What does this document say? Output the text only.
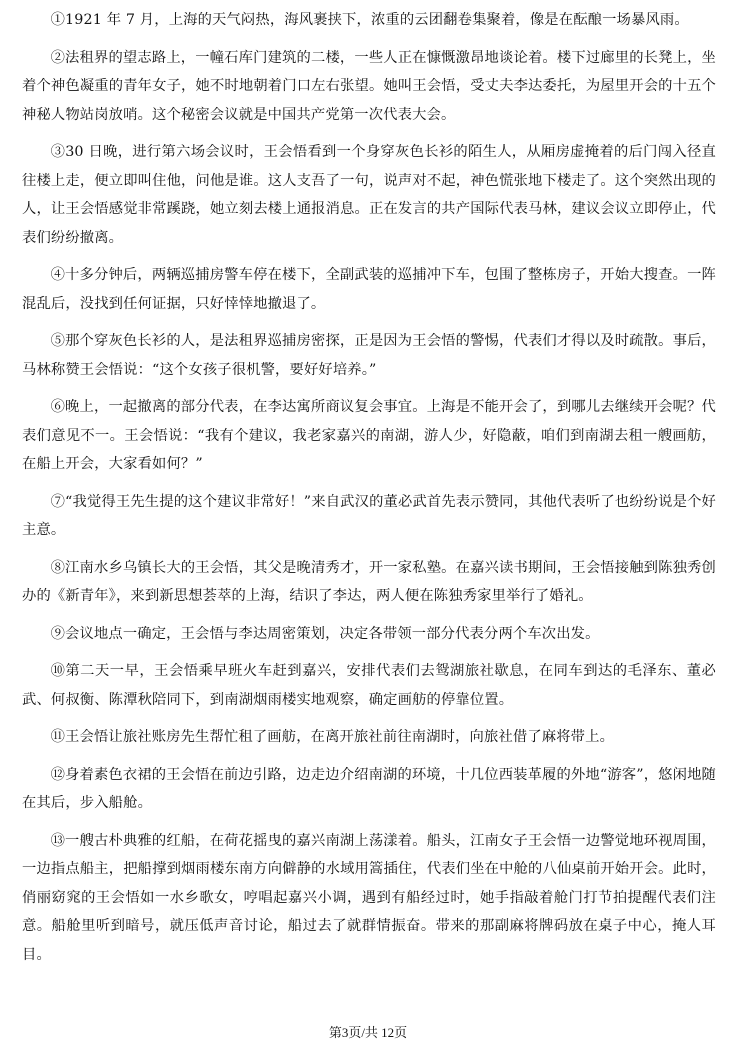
①1921 年 7 月，上海的天气闷热，海风裹挟下，浓重的云团翻卷集聚着，像是在酝酿一场暴风雨。

②法租界的望志路上，一幢石库门建筑的二楼，一些人正在慷慨激昂地谈论着。楼下过廊里的长凳上，坐着个神色凝重的青年女子，她不时地朝着门口左右张望。她叫王会悟，受丈夫李达委托，为屋里开会的十五个神秘人物站岗放哨。这个秘密会议就是中国共产党第一次代表大会。

③30 日晚，进行第六场会议时，王会悟看到一个身穿灰色长衫的陌生人，从厢房虚掩着的后门闯入径直往楼上走，便立即叫住他，问他是谁。这人支吾了一句，说声对不起，神色慌张地下楼走了。这个突然出现的人，让王会悟感觉非常蹊跷，她立刻去楼上通报消息。正在发言的共产国际代表马林，建议会议立即停止，代表们纷纷撤离。

④十多分钟后，两辆巡捕房警车停在楼下，全副武装的巡捕冲下车，包围了整栋房子，开始大搜查。一阵混乱后，没找到任何证据，只好悻悻地撤退了。

⑤那个穿灰色长衫的人，是法租界巡捕房密探，正是因为王会悟的警惕，代表们才得以及时疏散。事后，马林称赞王会悟说：“这个女孩子很机警，要好好培养。”

⑥晚上，一起撤离的部分代表，在李达寓所商议复会事宜。上海是不能开会了，到哪儿去继续开会呢？代表们意见不一。王会悟说：“我有个建议，我老家嘉兴的南湖，游人少，好隐蔽，咱们到南湖去租一艘画舫，在船上开会，大家看如何？”

⑦“我觉得王先生提的这个建议非常好！”来自武汉的董必武首先表示赞同，其他代表听了也纷纷说是个好主意。

⑧江南水乡乌镇长大的王会悟，其父是晚清秀才，开一家私塾。在嘉兴读书期间，王会悟接触到陈独秀创办的《新青年》，来到新思想荟萃的上海，结识了李达，两人便在陈独秀家里举行了婚礼。

⑨会议地点一确定，王会悟与李达周密策划，决定各带领一部分代表分两个车次出发。

⑩第二天一早，王会悟乘早班火车赶到嘉兴，安排代表们去鸳湖旅社歇息，在同车到达的毛泽东、董必武、何叔衡、陈潭秋陪同下，到南湖烟雨楼实地观察，确定画舫的停靠位置。

⑪王会悟让旅社账房先生帮忙租了画舫，在离开旅社前往南湖时，向旅社借了麻将带上。

⑫身着素色衣裙的王会悟在前边引路，边走边介绍南湖的环境，十几位西装革履的外地“游客”，悠闲地随在其后，步入船舱。

⑬一艘古朴典雅的红船，在荷花摇曳的嘉兴南湖上荡漾着。船头，江南女子王会悟一边警觉地环视周围，一边指点船主，把船撑到烟雨楼东南方向僻静的水域用篙插住，代表们坐在中舱的八仙桌前开始开会。此时，俏丽窈窕的王会悟如一水乡歌女，哼唱起嘉兴小调，遇到有船经过时，她手指敲着舱门打节拍提醒代表们注意。船舱里听到暗号，就压低声音讨论，船过去了就群情振奋。带来的那副麻将牌码放在桌子中心，掩人耳目。

第3页/共 12页
